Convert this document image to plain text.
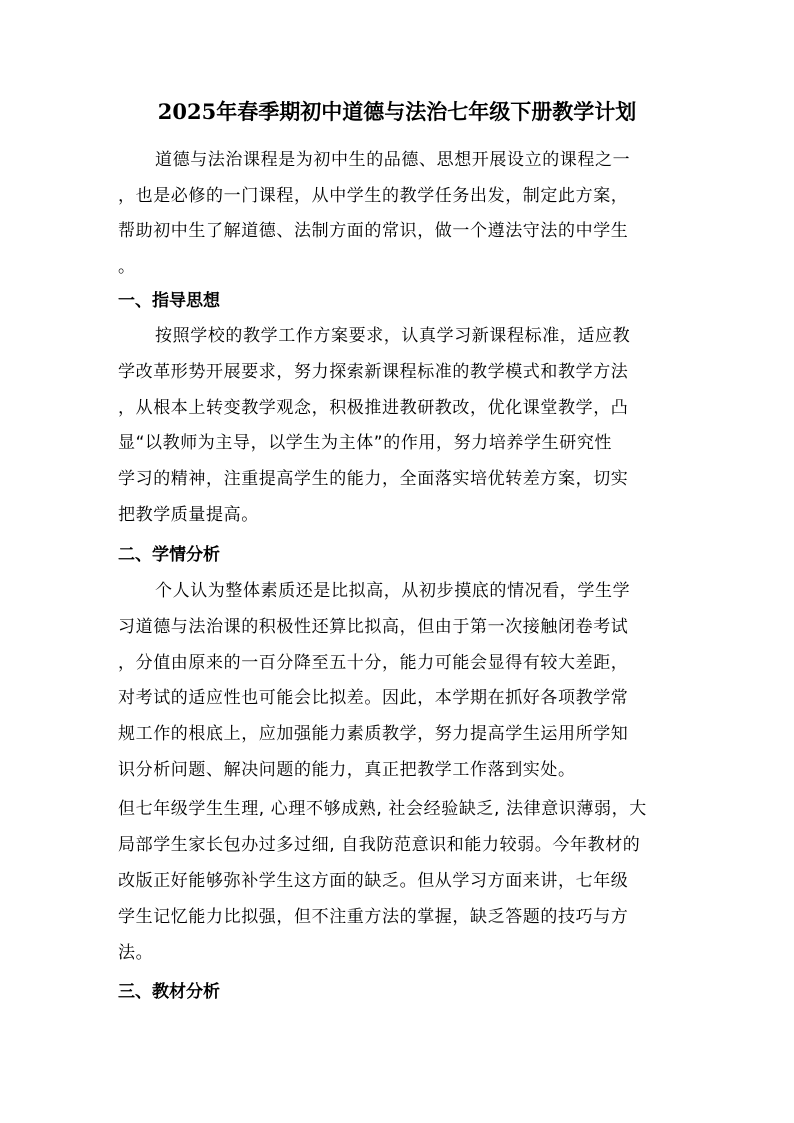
2025年春季期初中道德与法治七年级下册教学计划
道德与法治课程是为初中生的品德、思想开展设立的课程之一
，也是必修的一门课程，从中学生的教学任务出发，制定此方案，
帮助初中生了解道德、法制方面的常识，做一个遵法守法的中学生
。
一、指导思想
按照学校的教学工作方案要求，认真学习新课程标准，适应教
学改革形势开展要求，努力探索新课程标准的教学模式和教学方法
，从根本上转变教学观念，积极推进教研教改，优化课堂教学，凸
显“以教师为主导，以学生为主体”的作用，努力培养学生研究性
学习的精神，注重提高学生的能力，全面落实培优转差方案，切实
把教学质量提高。
二、学情分析
个人认为整体素质还是比拟高，从初步摸底的情况看，学生学
习道德与法治课的积极性还算比拟高，但由于第一次接触闭卷考试
，分值由原来的一百分降至五十分，能力可能会显得有较大差距，
对考试的适应性也可能会比拟差。因此，本学期在抓好各项教学常
规工作的根底上，应加强能力素质教学，努力提高学生运用所学知
识分析问题、解决问题的能力，真正把教学工作落到实处。
但七年级学生生理, 心理不够成熟, 社会经验缺乏, 法律意识薄弱，大
局部学生家长包办过多过细, 自我防范意识和能力较弱。今年教材的
改版正好能够弥补学生这方面的缺乏。但从学习方面来讲，七年级
学生记忆能力比拟强，但不注重方法的掌握，缺乏答题的技巧与方
法。
三、教材分析
